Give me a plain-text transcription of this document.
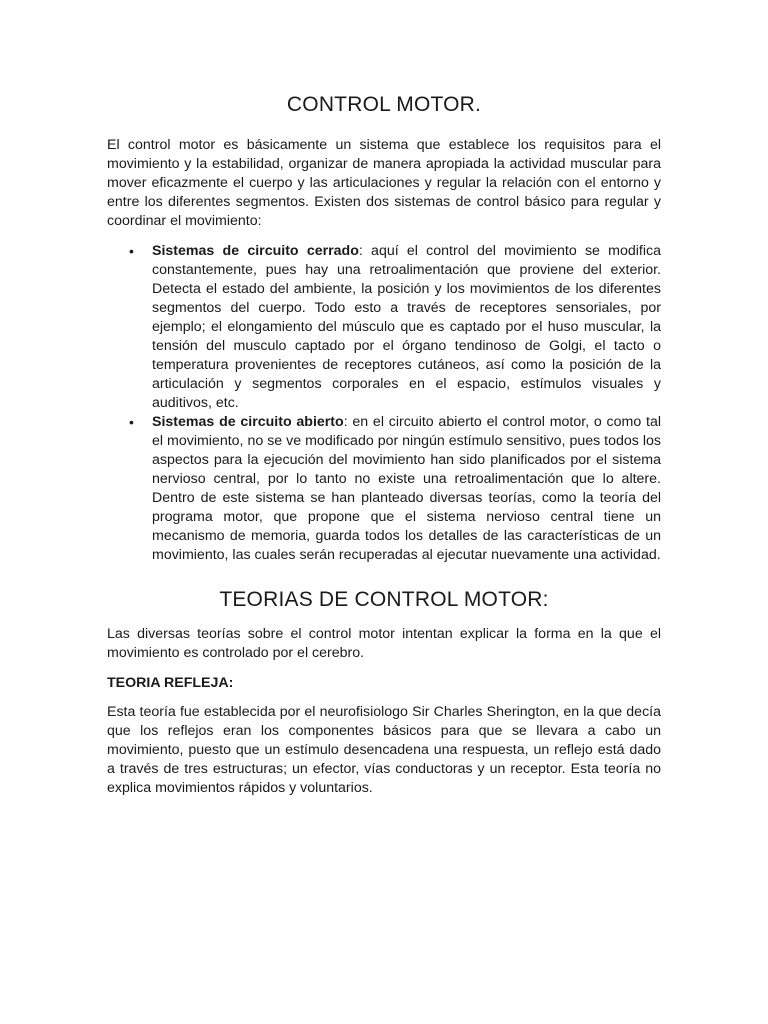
CONTROL MOTOR.

El control motor es básicamente un sistema que establece los requisitos para el movimiento y la estabilidad, organizar de manera apropiada la actividad muscular para mover eficazmente el cuerpo y las articulaciones y regular la relación con el entorno y entre los diferentes segmentos. Existen dos sistemas de control básico para regular y coordinar el movimiento:

• Sistemas de circuito cerrado: aquí el control del movimiento se modifica constantemente, pues hay una retroalimentación que proviene del exterior. Detecta el estado del ambiente, la posición y los movimientos de los diferentes segmentos del cuerpo. Todo esto a través de receptores sensoriales, por ejemplo; el elongamiento del músculo que es captado por el huso muscular, la tensión del musculo captado por el órgano tendinoso de Golgi, el tacto o temperatura provenientes de receptores cutáneos, así como la posición de la articulación y segmentos corporales en el espacio, estímulos visuales y auditivos, etc.
• Sistemas de circuito abierto: en el circuito abierto el control motor, o como tal el movimiento, no se ve modificado por ningún estímulo sensitivo, pues todos los aspectos para la ejecución del movimiento han sido planificados por el sistema nervioso central, por lo tanto no existe una retroalimentación que lo altere. Dentro de este sistema se han planteado diversas teorías, como la teoría del programa motor, que propone que el sistema nervioso central tiene un mecanismo de memoria, guarda todos los detalles de las características de un movimiento, las cuales serán recuperadas al ejecutar nuevamente una actividad.
TEORIAS DE CONTROL MOTOR:

Las diversas teorías sobre el control motor intentan explicar la forma en la que el movimiento es controlado por el cerebro.

TEORIA REFLEJA:

Esta teoría fue establecida por el neurofisiologo Sir Charles Sherington, en la que decía que los reflejos eran los componentes básicos para que se llevara a cabo un movimiento, puesto que un estímulo desencadena una respuesta, un reflejo está dado a través de tres estructuras; un efector, vías conductoras y un receptor. Esta teoría no explica movimientos rápidos y voluntarios.
